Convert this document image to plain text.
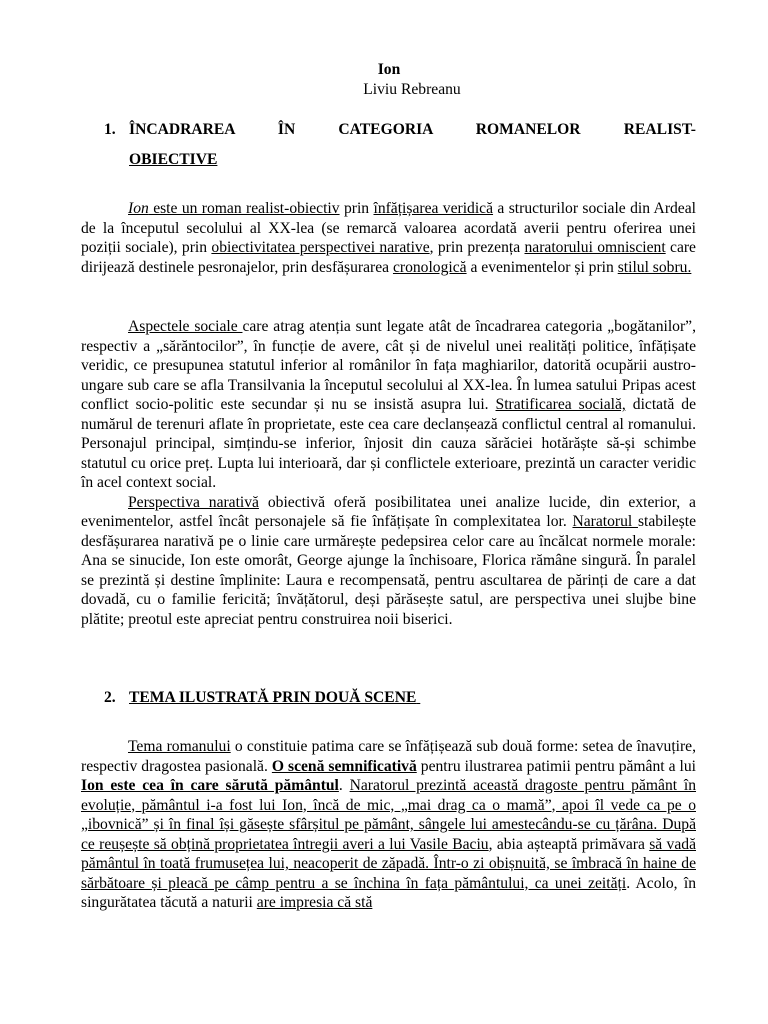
Ion
Liviu Rebreanu
1. ÎNCADRAREA ÎN CATEGORIA ROMANELOR REALIST-
OBIECTIVE

Ion este un roman realist-obiectiv prin înfățișarea veridică a structurilor sociale din Ardeal de la începutul secolului al XX-lea (se remarcă valoarea acordată averii pentru oferirea unei poziții sociale), prin obiectivitatea perspectivei narative, prin prezența naratorului omniscient care dirijează destinele pesronajelor, prin desfășurarea cronologică a evenimentelor și prin stilul sobru.

Aspectele sociale care atrag atenția sunt legate atât de încadrarea categoria „bogătanilor”, respectiv a „sărăntocilor”, în funcție de avere, cât și de nivelul unei realități politice, înfățișate veridic, ce presupunea statutul inferior al românilor în fața maghiarilor, datorită ocupării austro-ungare sub care se afla Transilvania la începutul secolului al XX-lea. În lumea satului Pripas acest conflict socio-politic este secundar și nu se insistă asupra lui. Stratificarea socială, dictată de numărul de terenuri aflate în proprietate, este cea care declanșează conflictul central al romanului. Personajul principal, simțindu-se inferior, înjosit din cauza sărăciei hotărăște să-și schimbe statutul cu orice preț. Lupta lui interioară, dar și conflictele exterioare, prezintă un caracter veridic în acel context social.

Perspectiva narativă obiectivă oferă posibilitatea unei analize lucide, din exterior, a evenimentelor, astfel încât personajele să fie înfățișate în complexitatea lor. Naratorul stabilește desfășurarea narativă pe o linie care urmărește pedepsirea celor care au încălcat normele morale: Ana se sinucide, Ion este omorât, George ajunge la închisoare, Florica rămâne singură. În paralel se prezintă și destine împlinite: Laura e recompensată, pentru ascultarea de părinți de care a dat dovadă, cu o familie fericită; învățătorul, deși părăsește satul, are perspectiva unei slujbe bine plătite; preotul este apreciat pentru construirea noii biserici.

2. TEMA ILUSTRATĂ PRIN DOUĂ SCENE

Tema romanului o constituie patima care se înfățișează sub două forme: setea de înavuțire, respectiv dragostea pasională. O scenă semnificativă pentru ilustrarea patimii pentru pământ a lui Ion este cea în care sărută pământul. Naratorul prezintă această dragoste pentru pământ în evoluție, pământul i-a fost lui Ion, încă de mic, „mai drag ca o mamă”, apoi îl vede ca pe o „ibovnică” și în final își găsește sfârșitul pe pământ, sângele lui amestecându-se cu țărâna. După ce reușește să obțină proprietatea întregii averi a lui Vasile Baciu, abia așteaptă primăvara să vadă pământul în toată frumusețea lui, neacoperit de zăpadă. Într-o zi obișnuită, se îmbracă în haine de sărbătoare și pleacă pe câmp pentru a se închina în fața pământului, ca unei zeități. Acolo, în singurătatea tăcută a naturii are impresia că stă
